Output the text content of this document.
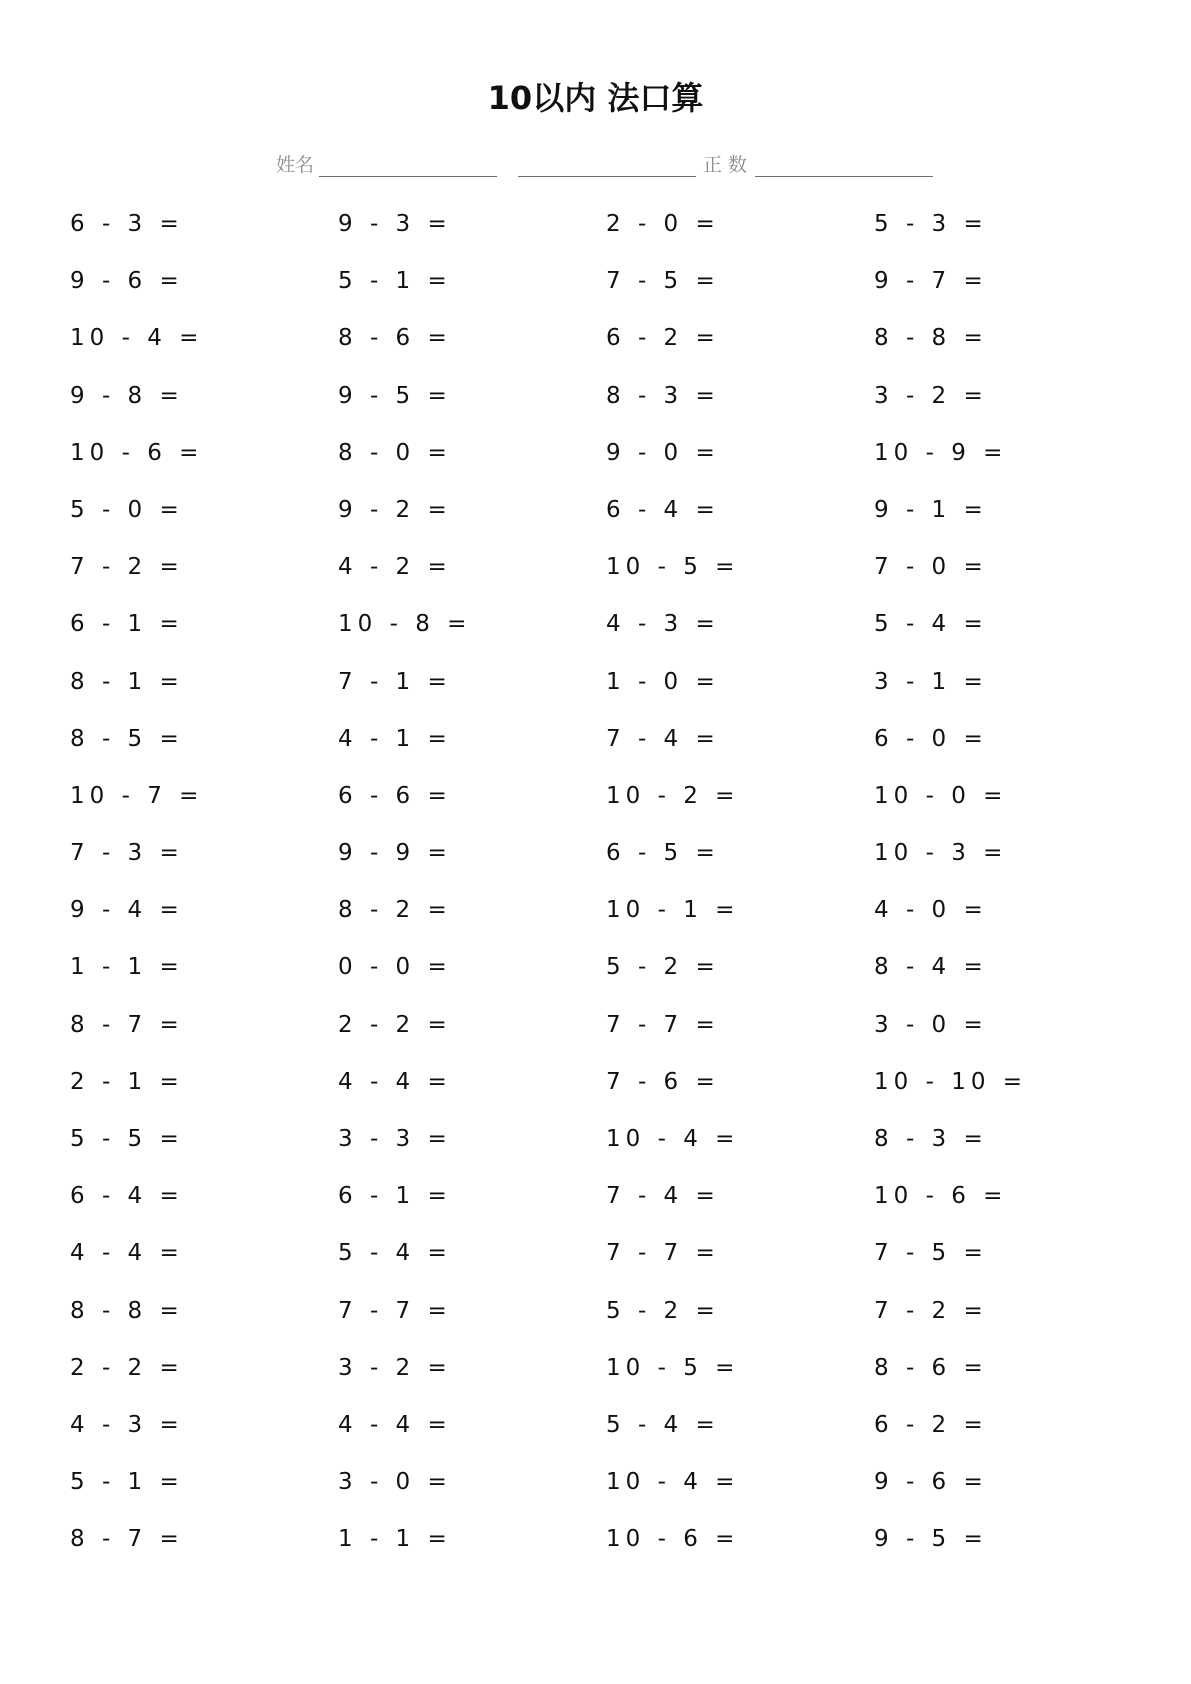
10以内 法口算
姓名	正 数
6 - 3 =	9 - 3 =	2 - 0 =	5 - 3 =
9 - 6 =	5 - 1 =	7 - 5 =	9 - 7 =
10 - 4 =	8 - 6 =	6 - 2 =	8 - 8 =
9 - 8 =	9 - 5 =	8 - 3 =	3 - 2 =
10 - 6 =	8 - 0 =	9 - 0 =	10 - 9 =
5 - 0 =	9 - 2 =	6 - 4 =	9 - 1 =
7 - 2 =	4 - 2 =	10 - 5 =	7 - 0 =
6 - 1 =	10 - 8 =	4 - 3 =	5 - 4 =
8 - 1 =	7 - 1 =	1 - 0 =	3 - 1 =
8 - 5 =	4 - 1 =	7 - 4 =	6 - 0 =
10 - 7 =	6 - 6 =	10 - 2 =	10 - 0 =
7 - 3 =	9 - 9 =	6 - 5 =	10 - 3 =
9 - 4 =	8 - 2 =	10 - 1 =	4 - 0 =
1 - 1 =	0 - 0 =	5 - 2 =	8 - 4 =
8 - 7 =	2 - 2 =	7 - 7 =	3 - 0 =
2 - 1 =	4 - 4 =	7 - 6 =	10 - 10 =
5 - 5 =	3 - 3 =	10 - 4 =	8 - 3 =
6 - 4 =	6 - 1 =	7 - 4 =	10 - 6 =
4 - 4 =	5 - 4 =	7 - 7 =	7 - 5 =
8 - 8 =	7 - 7 =	5 - 2 =	7 - 2 =
2 - 2 =	3 - 2 =	10 - 5 =	8 - 6 =
4 - 3 =	4 - 4 =	5 - 4 =	6 - 2 =
5 - 1 =	3 - 0 =	10 - 4 =	9 - 6 =
8 - 7 =	1 - 1 =	10 - 6 =	9 - 5 =
